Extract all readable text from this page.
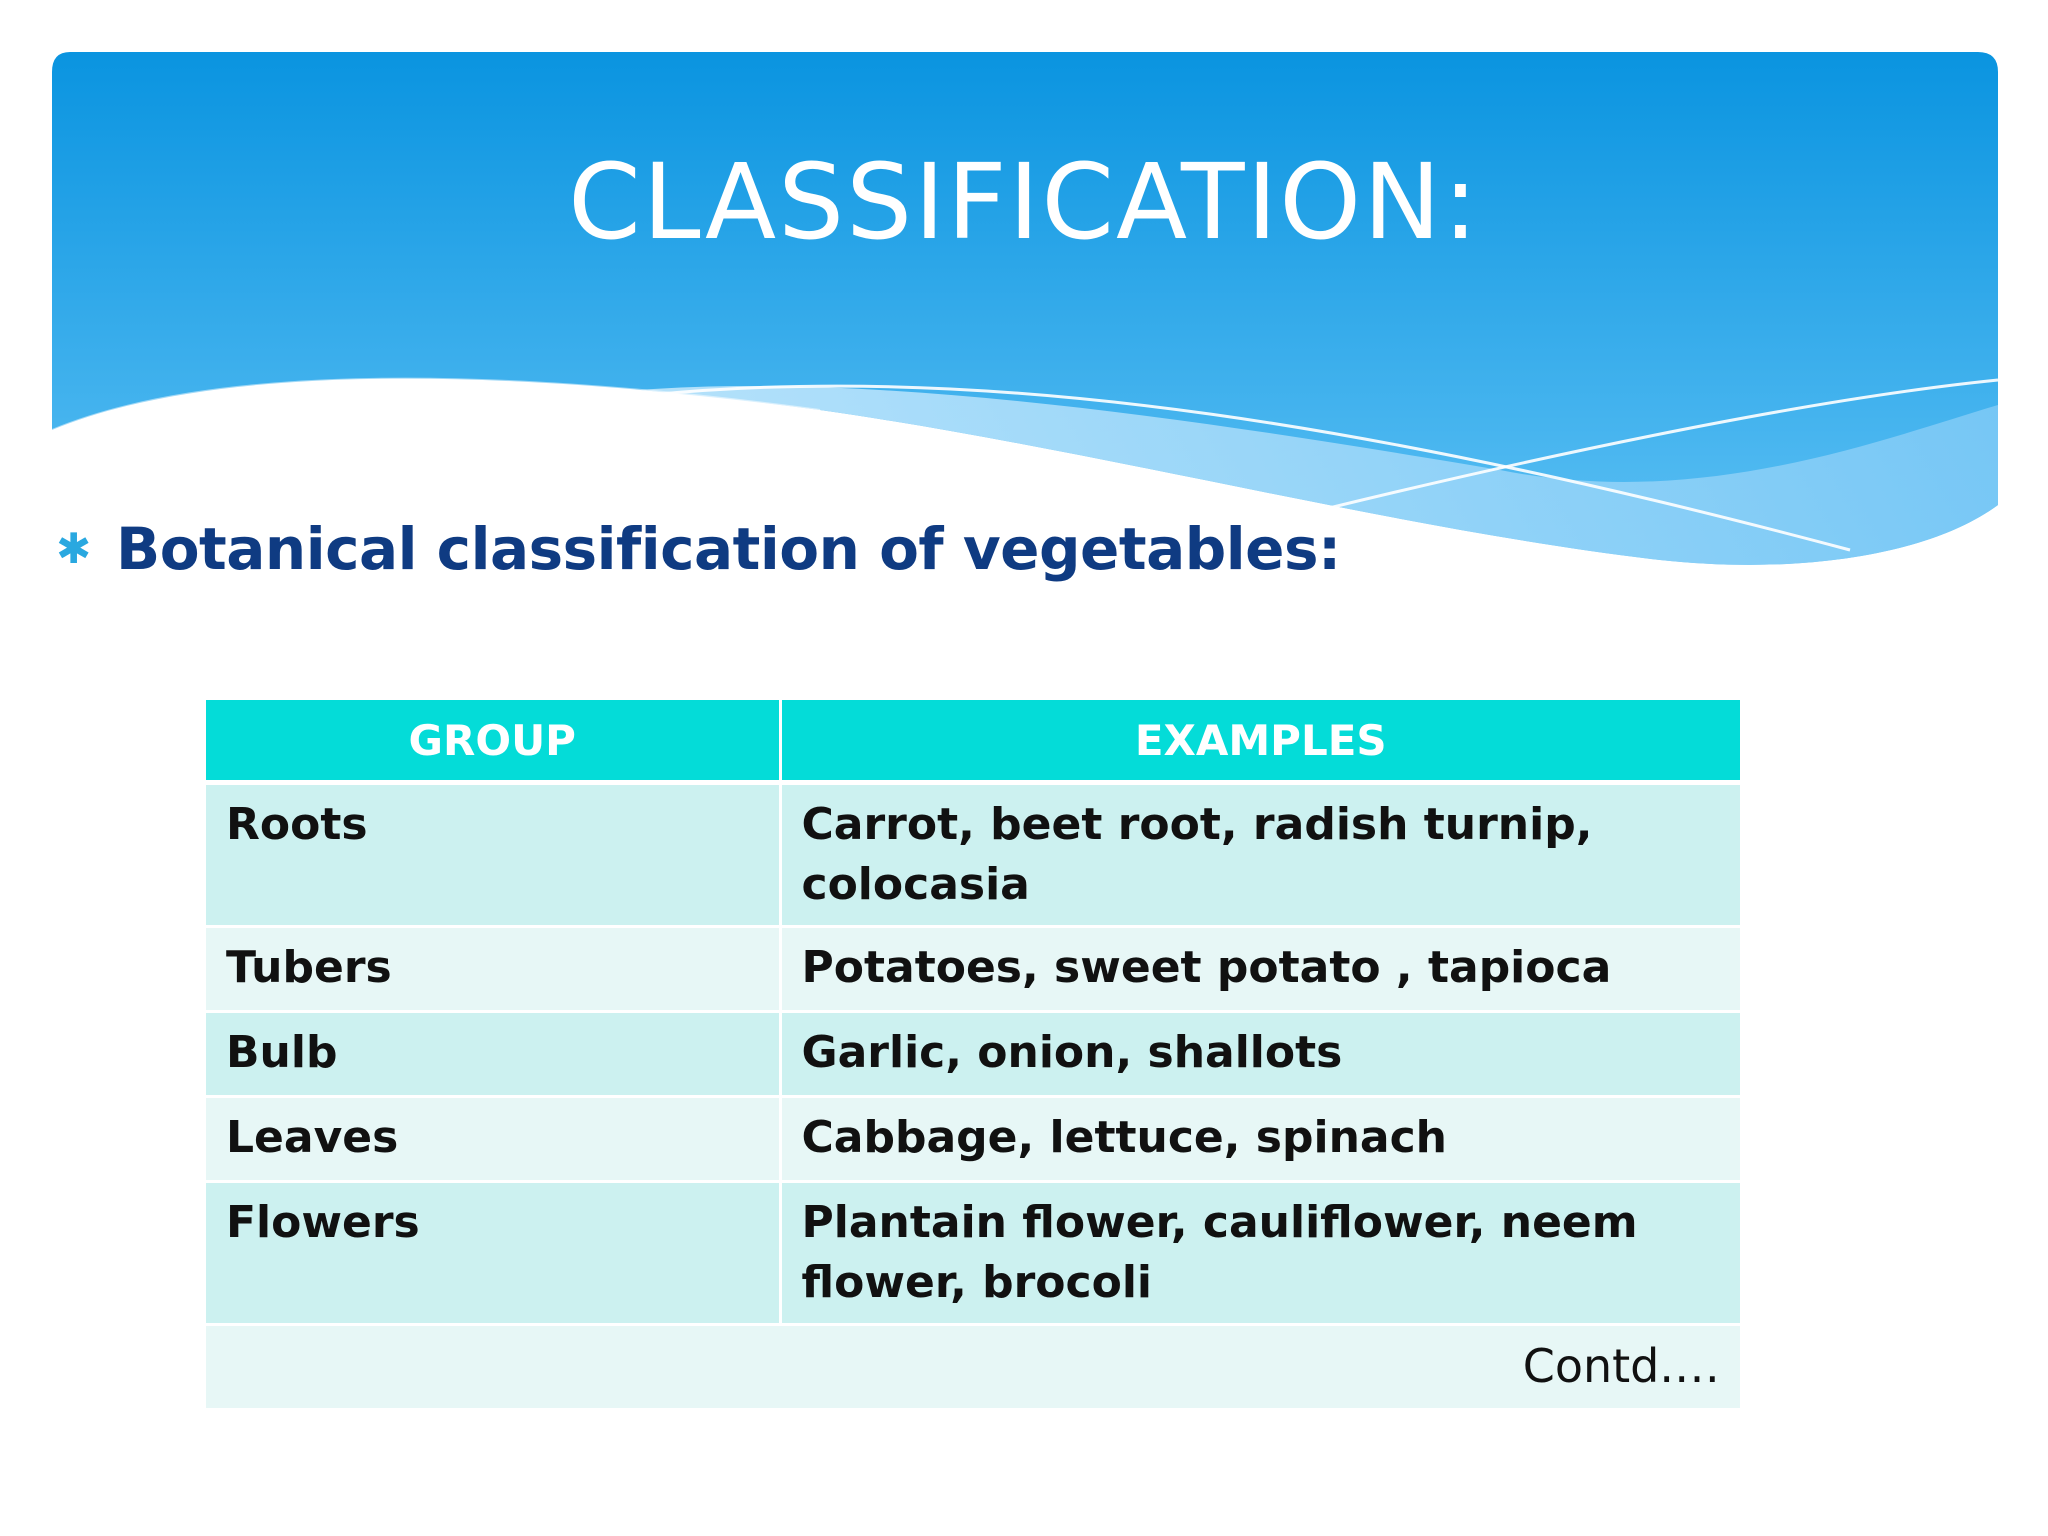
CLASSIFICATION:
✱ Botanical classification of vegetables:
GROUP	EXAMPLES
Roots	Carrot, beet root, radish turnip, colocasia
Tubers	Potatoes, sweet potato , tapioca
Bulb	Garlic, onion, shallots
Leaves	Cabbage, lettuce, spinach
Flowers	Plantain flower, cauliflower, neem flower, brocoli
Contd.…	
